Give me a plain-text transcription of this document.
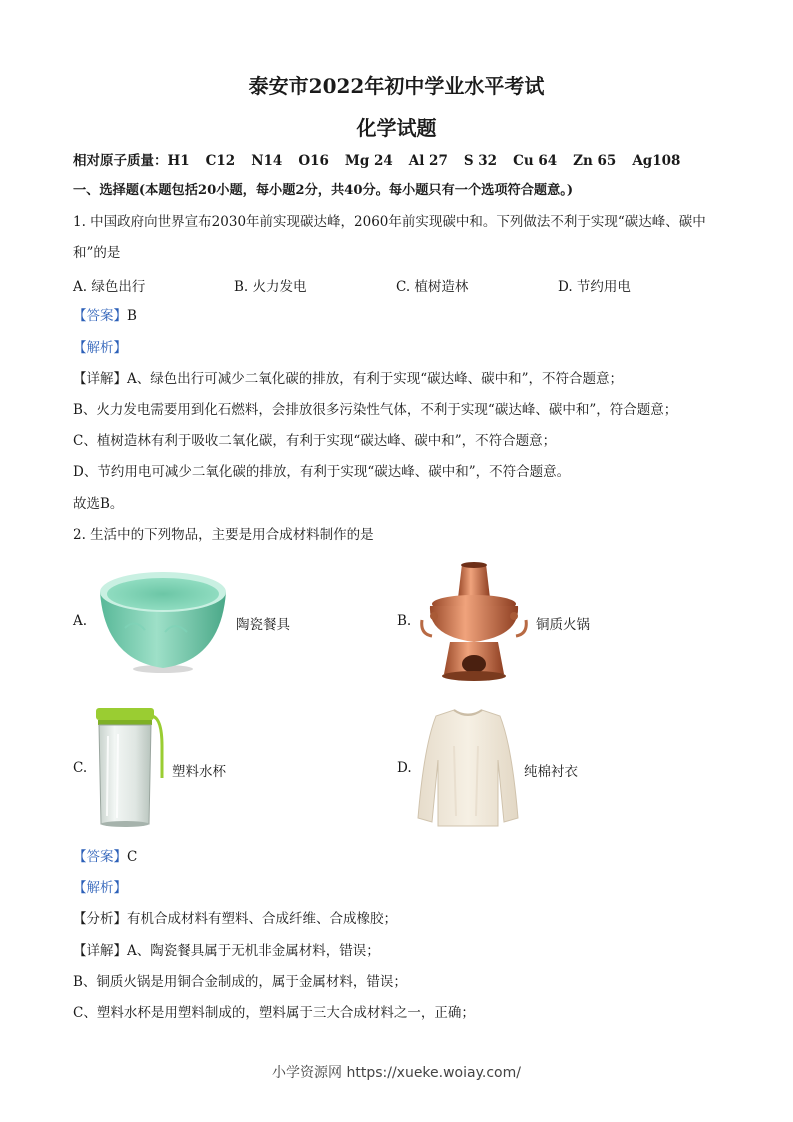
泰安市2022年初中学业水平考试
化学试题
相对原子质量：H1 C12 N14 O16 Mg 24 Al 27 S 32 Cu 64 Zn 65 Ag108
一、选择题(本题包括20小题，每小题2分，共40分。每小题只有一个选项符合题意。)
1. 中国政府向世界宣布2030年前实现碳达峰，2060年前实现碳中和。下列做法不利于实现“碳达峰、碳中
和”的是
A. 绿色出行	B. 火力发电	C. 植树造林	D. 节约用电
【答案】B
【解析】
【详解】A、绿色出行可减少二氧化碳的排放，有利于实现“碳达峰、碳中和”，不符合题意；
B、火力发电需要用到化石燃料，会排放很多污染性气体，不利于实现“碳达峰、碳中和”，符合题意；
C、植树造林有利于吸收二氧化碳，有利于实现“碳达峰、碳中和”，不符合题意；
D、节约用电可减少二氧化碳的排放，有利于实现“碳达峰、碳中和”，不符合题意。
故选B。
2. 生活中的下列物品，主要是用合成材料制作的是
A.	陶瓷餐具	B.	铜质火锅
C.	塑料水杯	D.	纯棉衬衣
【答案】C
【解析】
【分析】有机合成材料有塑料、合成纤维、合成橡胶；
【详解】A、陶瓷餐具属于无机非金属材料，错误；
B、铜质火锅是用铜合金制成的，属于金属材料，错误；
C、塑料水杯是用塑料制成的，塑料属于三大合成材料之一，正确；
小学资源网 https://xueke.woiay.com/
